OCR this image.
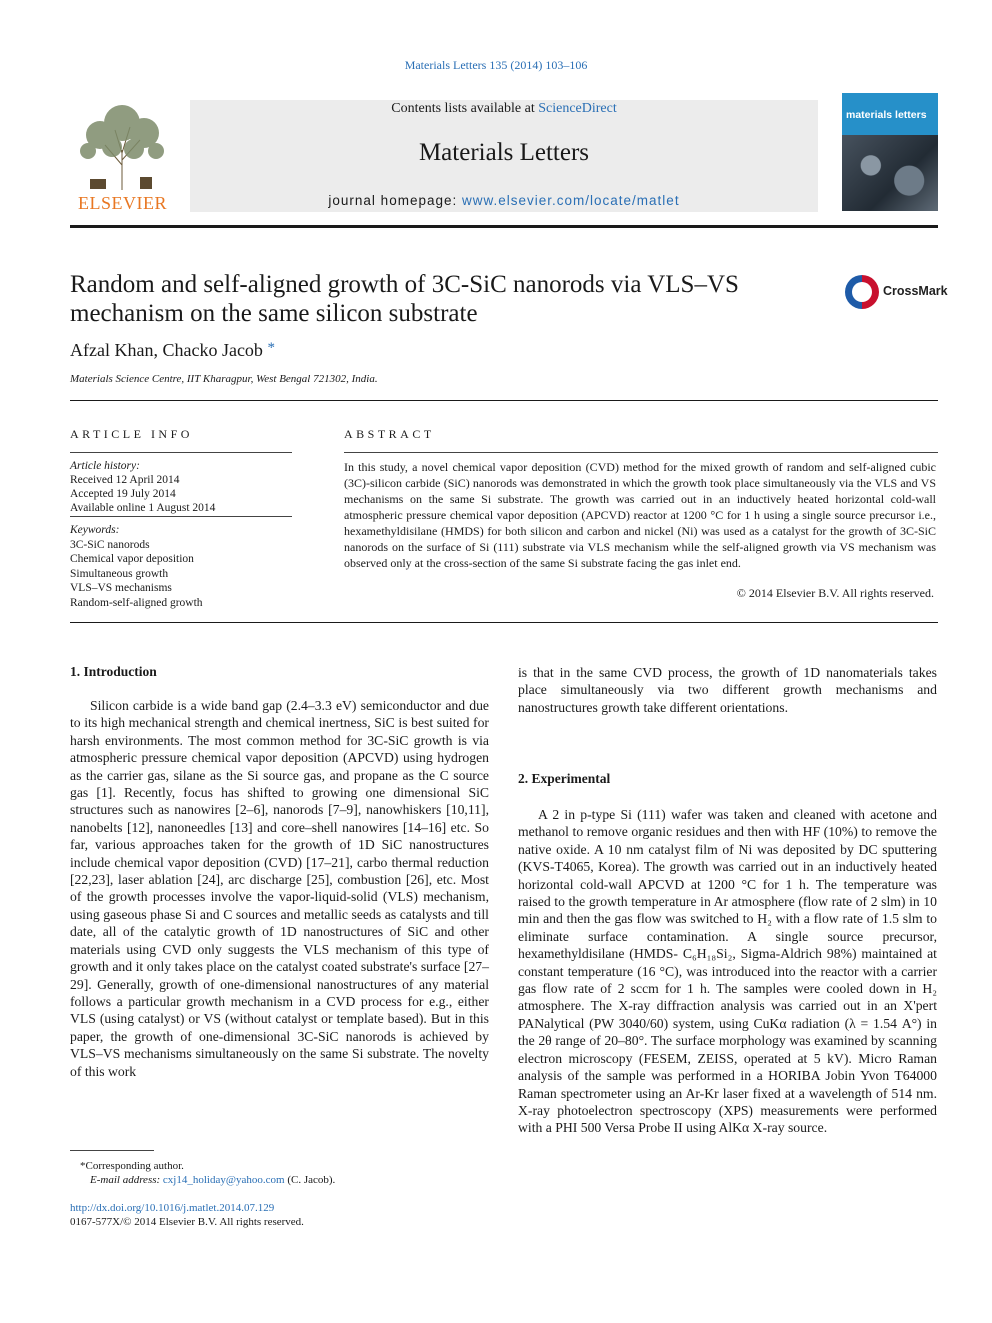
Materials Letters 135 (2014) 103–106
ELSEVIER
Contents lists available at ScienceDirect
Materials Letters
journal homepage: www.elsevier.com/locate/matlet
materials letters
Random and self-aligned growth of 3C-SiC nanorods via VLS–VS mechanism on the same silicon substrate
CrossMark
Afzal Khan, Chacko Jacob *
Materials Science Centre, IIT Kharagpur, West Bengal 721302, India.
ARTICLE INFO
Article history:
Received 12 April 2014
Accepted 19 July 2014
Available online 1 August 2014
Keywords:
3C-SiC nanorods
Chemical vapor deposition
Simultaneous growth
VLS–VS mechanisms
Random-self-aligned growth
ABSTRACT
In this study, a novel chemical vapor deposition (CVD) method for the mixed growth of random and self-aligned cubic (3C)-silicon carbide (SiC) nanorods was demonstrated in which the growth took place simultaneously via the VLS and VS mechanisms on the same Si substrate. The growth was carried out in an inductively heated horizontal cold-wall atmospheric pressure chemical vapor deposition (APCVD) reactor at 1200 °C for 1 h using a single source precursor i.e., hexamethyldisilane (HMDS) for both silicon and carbon and nickel (Ni) was used as a catalyst for the growth of 3C-SiC nanorods on the surface of Si (111) substrate via VLS mechanism while the self-aligned growth via VS mechanism was observed only at the cross-section of the same Si substrate facing the gas inlet end.
© 2014 Elsevier B.V. All rights reserved.
1. Introduction

Silicon carbide is a wide band gap (2.4–3.3 eV) semiconductor and due to its high mechanical strength and chemical inertness, SiC is best suited for harsh environments. The most common method for 3C-SiC growth is via atmospheric pressure chemical vapor deposition (APCVD) using hydrogen as the carrier gas, silane as the Si source gas, and propane as the C source gas [1]. Recently, focus has shifted to growing one dimensional SiC structures such as nanowires [2–6], nanorods [7–9], nanowhiskers [10,11], nanobelts [12], nanoneedles [13] and core–shell nanowires [14–16] etc. So far, various approaches taken for the growth of 1D SiC nanostructures include chemical vapor deposition (CVD) [17–21], carbo thermal reduction [22,23], laser ablation [24], arc discharge [25], combustion [26], etc. Most of the growth processes involve the vapor-liquid-solid (VLS) mechanism, using gaseous phase Si and C sources and metallic seeds as catalysts and till date, all of the catalytic growth of 1D nanostructures of SiC and other materials using CVD only suggests the VLS mechanism of this type of growth and it only takes place on the catalyst coated substrate's surface [27–29]. Generally, growth of one-dimensional nanostructures of any material follows a particular growth mechanism in a CVD process for e.g., either VLS (using catalyst) or VS (without catalyst or template based). But in this paper, the growth of one-dimensional 3C-SiC nanorods is achieved by VLS–VS mechanisms simultaneously on the same Si substrate. The novelty of this work

is that in the same CVD process, the growth of 1D nanomaterials takes place simultaneously via two different growth mechanisms and nanostructures growth take different orientations.

2. Experimental

A 2 in p-type Si (111) wafer was taken and cleaned with acetone and methanol to remove organic residues and then with HF (10%) to remove the native oxide. A 10 nm catalyst film of Ni was deposited by DC sputtering (KVS-T4065, Korea). The growth was carried out in an inductively heated horizontal cold-wall APCVD at 1200 °C for 1 h. The temperature was raised to the growth temperature in Ar atmosphere (flow rate of 2 slm) in 10 min and then the gas flow was switched to H₂ with a flow rate of 1.5 slm to eliminate surface contamination. A single source precursor, hexamethyldisilane (HMDS- C₆H₁₈Si₂, Sigma-Aldrich 98%) maintained at constant temperature (16 °C), was introduced into the reactor with a carrier gas flow rate of 2 sccm for 1 h. The samples were cooled down in H₂ atmosphere. The X-ray diffraction analysis was carried out in an X'pert PANalytical (PW 3040/60) system, using CuKα radiation (λ = 1.54 A°) in the 2θ range of 20–80°. The surface morphology was examined by scanning electron microscopy (FESEM, ZEISS, operated at 5 kV). Micro Raman analysis of the sample was performed in a HORIBA Jobin Yvon T64000 Raman spectrometer using an Ar-Kr laser fixed at a wavelength of 514 nm. X-ray photoelectron spectroscopy (XPS) measurements were performed with a PHI 500 Versa Probe II using AlKα X-ray source.

*Corresponding author.
E-mail address: cxj14_holiday@yahoo.com (C. Jacob).
http://dx.doi.org/10.1016/j.matlet.2014.07.129
0167-577X/© 2014 Elsevier B.V. All rights reserved.
